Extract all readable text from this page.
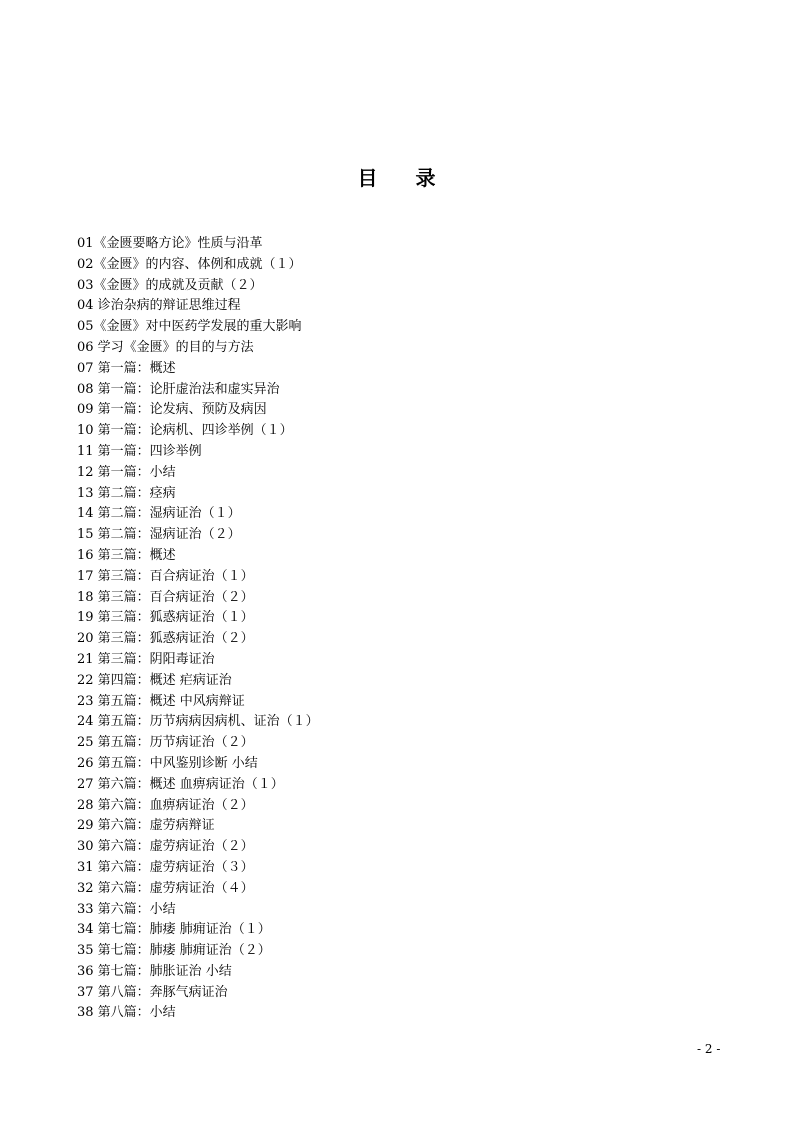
目 录
01《金匮要略方论》性质与沿革
02《金匮》的内容、体例和成就（１）
03《金匮》的成就及贡献（２）
04 诊治杂病的辩证思维过程
05《金匮》对中医药学发展的重大影响
06 学习《金匮》的目的与方法
07 第一篇：概述
08 第一篇：论肝虚治法和虚实异治
09 第一篇：论发病、预防及病因
10 第一篇：论病机、四诊举例（１）
11 第一篇：四诊举例
12 第一篇：小结
13 第二篇：痉病
14 第二篇：湿病证治（１）
15 第二篇：湿病证治（２）
16 第三篇：概述
17 第三篇：百合病证治（１）
18 第三篇：百合病证治（２）
19 第三篇：狐惑病证治（１）
20 第三篇：狐惑病证治（２）
21 第三篇：阴阳毒证治
22 第四篇：概述 疟病证治
23 第五篇：概述 中风病辩证
24 第五篇：历节病病因病机、证治（１）
25 第五篇：历节病证治（２）
26 第五篇：中风鉴别诊断 小结
27 第六篇：概述 血痹病证治（１）
28 第六篇：血痹病证治（２）
29 第六篇：虚劳病辩证
30 第六篇：虚劳病证治（２）
31 第六篇：虚劳病证治（３）
32 第六篇：虚劳病证治（４）
33 第六篇：小结
34 第七篇：肺痿 肺痈证治（１）
35 第七篇：肺痿 肺痈证治（２）
36 第七篇：肺胀证治 小结
37 第八篇：奔豚气病证治
38 第八篇：小结
- 2 -
